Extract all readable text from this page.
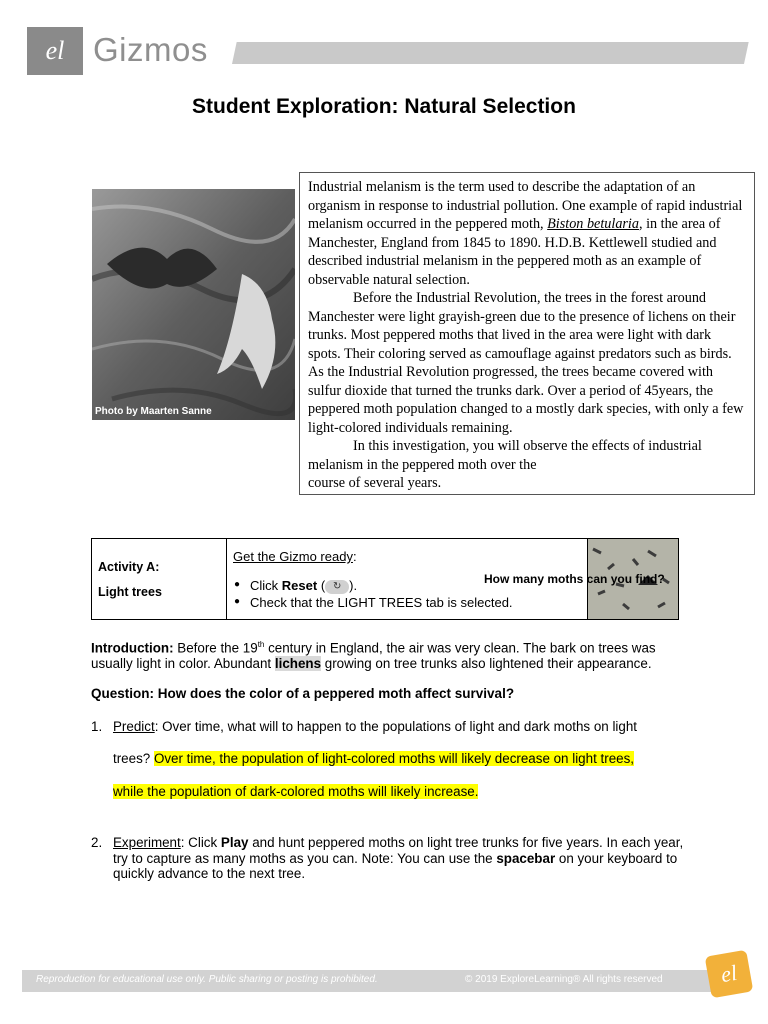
el Gizmos
Student Exploration: Natural Selection
Photo by Maarten Sanne

Industrial melanism is the term used to describe the adaptation of an organism in response to industrial pollution. One example of rapid industrial melanism occurred in the peppered moth, Biston betularia, in the area of Manchester, England from 1845 to 1890. H.D.B. Kettlewell studied and described industrial melanism in the peppered moth as an example of observable natural selection.

Before the Industrial Revolution, the trees in the forest around Manchester were light grayish-green due to the presence of lichens on their trunks. Most peppered moths that lived in the area were light with dark spots. Their coloring served as camouflage against predators such as birds. As the Industrial Revolution progressed, the trees became covered with sulfur dioxide that turned the trunks dark. Over a period of 45years, the peppered moth population changed to a mostly dark species, with only a few light-colored individuals remaining.

In this investigation, you will observe the effects of industrial melanism in the peppered moth over the

course of several years.

Activity A:
Light trees
Get the Gizmo ready:
● Click Reset ( ↻ ).
● Check that the LIGHT TREES tab is selected.
How many moths can you find?
Introduction: Before the 19th century in England, the air was very clean. The bark on trees was usually light in color. Abundant lichens growing on tree trunks also lightened their appearance.
Question: How does the color of a peppered moth affect survival?
1. Predict: Over time, what will to happen to the populations of light and dark moths on light
trees? Over time, the population of light-colored moths will likely decrease on light trees,
while the population of dark-colored moths will likely increase.
2. Experiment: Click Play and hunt peppered moths on light tree trunks for five years. In each year, try to capture as many moths as you can. Note: You can use the spacebar on your keyboard to quickly advance to the next tree.
Reproduction for educational use only. Public sharing or posting is prohibited.	© 2019 ExploreLearning® All rights reserved	el
